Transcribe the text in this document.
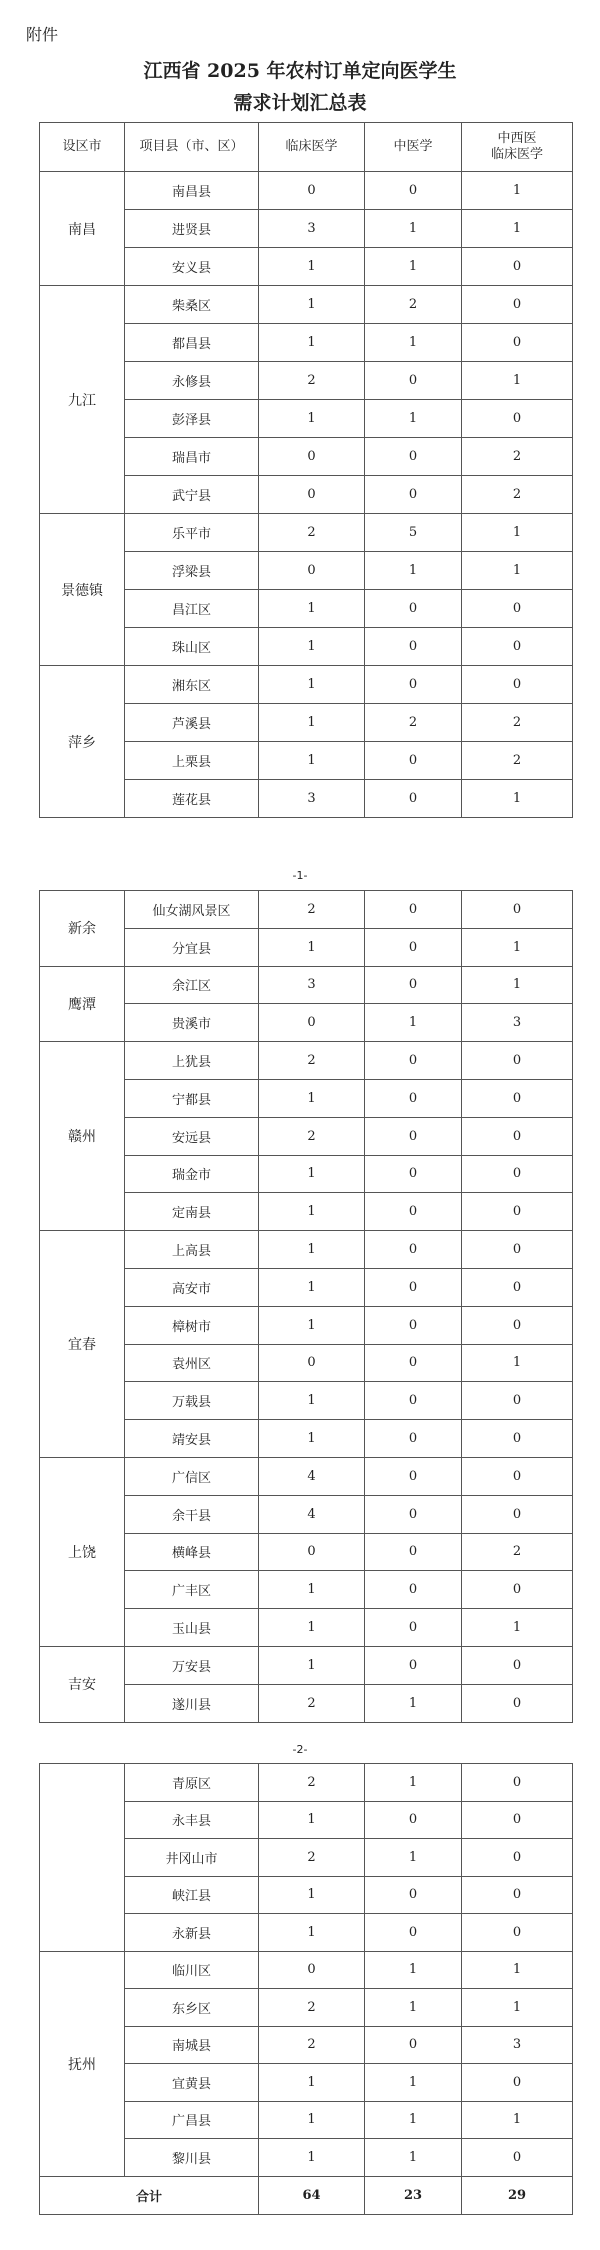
附件
江西省 2025 年农村订单定向医学生
需求计划汇总表
设区市	项目县（市、区）	临床医学	中医学	中西医
临床医学
南昌	南昌县	0	0	1
	进贤县	3	1	1
	安义县	1	1	0
九江	柴桑区	1	2	0
	都昌县	1	1	0
	永修县	2	0	1
	彭泽县	1	1	0
	瑞昌市	0	0	2
	武宁县	0	0	2
景德镇	乐平市	2	5	1
	浮梁县	0	1	1
	昌江区	1	0	0
	珠山区	1	0	0
萍乡	湘东区	1	0	0
	芦溪县	1	2	2
	上栗县	1	0	2
	莲花县	3	0	1
-1-
新余	仙女湖风景区	2	0	0
	分宜县	1	0	1
鹰潭	余江区	3	0	1
	贵溪市	0	1	3
赣州	上犹县	2	0	0
	宁都县	1	0	0
	安远县	2	0	0
	瑞金市	1	0	0
	定南县	1	0	0
宜春	上高县	1	0	0
	高安市	1	0	0
	樟树市	1	0	0
	袁州区	0	0	1
	万载县	1	0	0
	靖安县	1	0	0
上饶	广信区	4	0	0
	余干县	4	0	0
	横峰县	0	0	2
	广丰区	1	0	0
	玉山县	1	0	1
吉安	万安县	1	0	0
	遂川县	2	1	0
-2-
	青原区	2	1	0
	永丰县	1	0	0
	井冈山市	2	1	0
	峡江县	1	0	0
	永新县	1	0	0
抚州	临川区	0	1	1
	东乡区	2	1	1
	南城县	2	0	3
	宜黄县	1	1	0
	广昌县	1	1	1
	黎川县	1	1	0
合计		64	23	29
